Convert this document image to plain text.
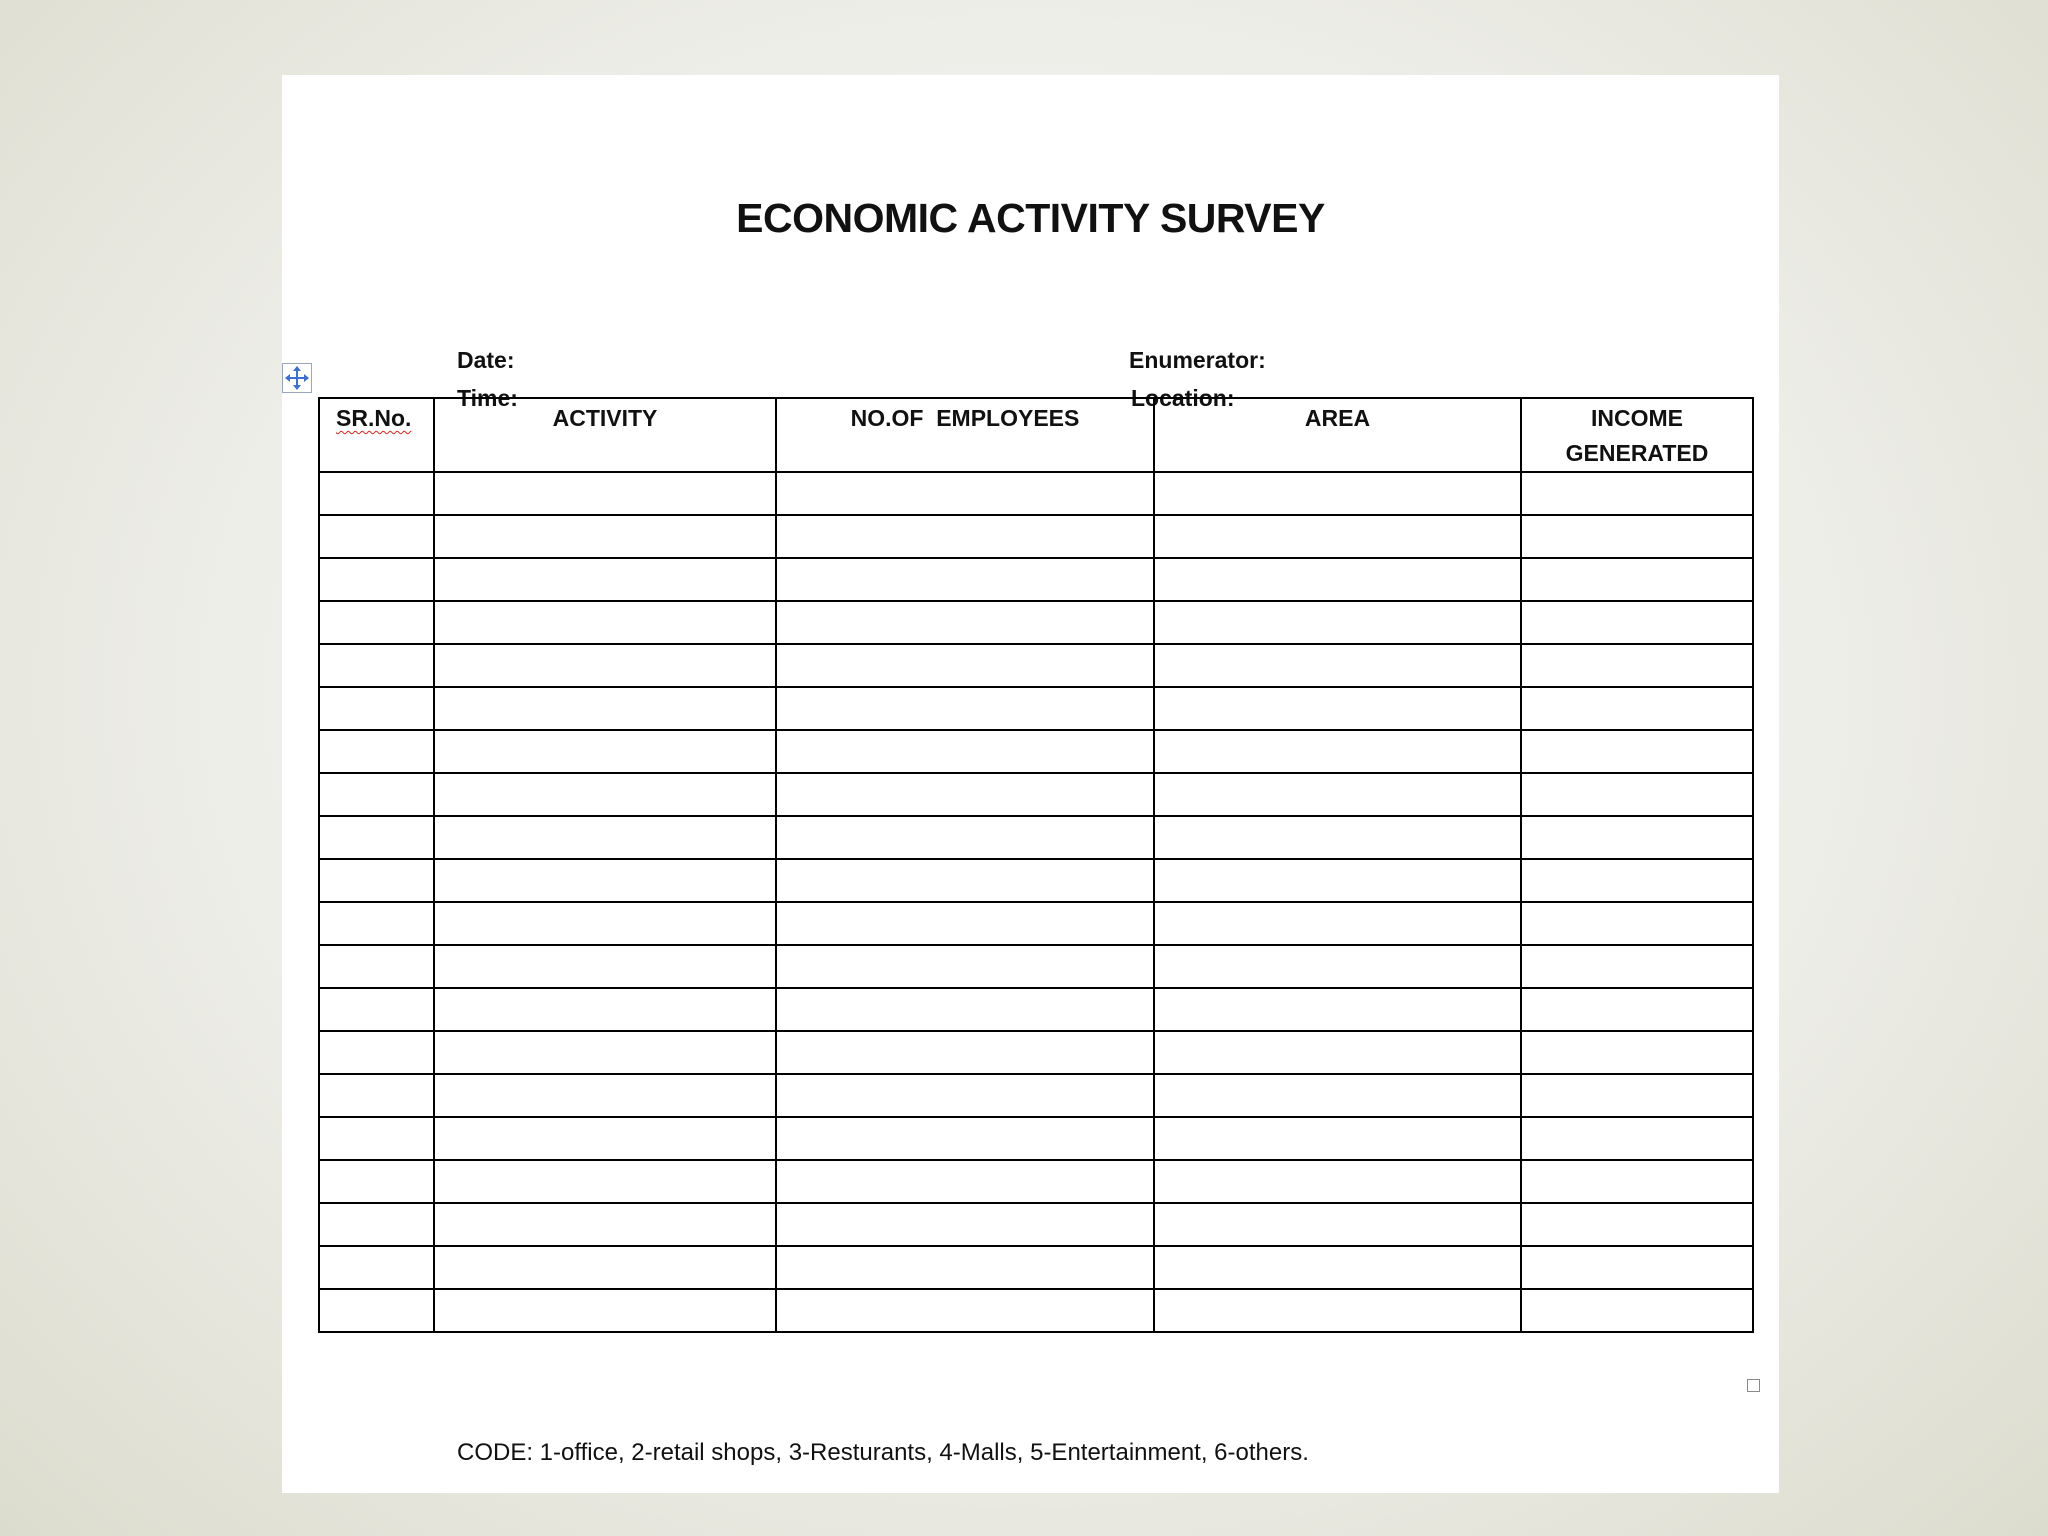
ECONOMIC ACTIVITY SURVEY
Date:
Time:
Enumerator:
Location:
SR.No.	ACTIVITY	NO.OF  EMPLOYEES	AREA	INCOME GENERATED

CODE: 1-office, 2-retail shops, 3-Resturants, 4-Malls, 5-Entertainment, 6-others.
